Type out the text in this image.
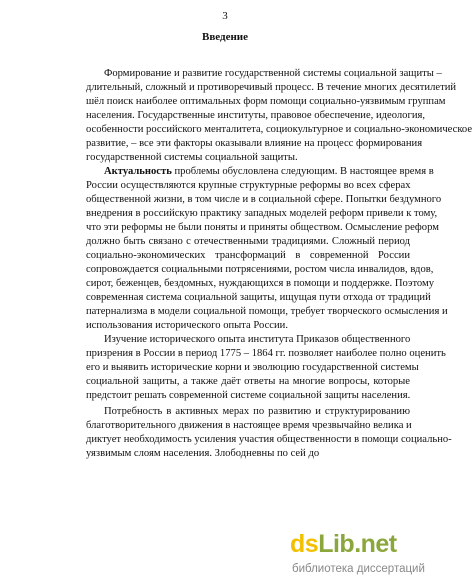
3
Введение
Формирование и развитие государственной системы социальной защиты –
длительный, сложный и противоречивый процесс. В течение многих десятилетий
шёл поиск наиболее оптимальных форм помощи социально-уязвимым группам
населения. Государственные институты, правовое обеспечение, идеология,
особенности российского менталитета, социокультурное и социально-экономическое
развитие, – все эти факторы оказывали влияние на процесс формирования
государственной системы социальной защиты.
Актуальность проблемы обусловлена следующим. В настоящее время в
России осуществляются крупные структурные реформы во всех сферах
общественной жизни, в том числе и в социальной сфере. Попытки бездумного
внедрения в российскую практику западных моделей реформ привели к тому,
что эти реформы не были поняты и приняты обществом. Осмысление реформ
должно быть связано с отечественными традициями. Сложный период
социально-экономических трансформаций в современной России
сопровождается социальными потрясениями, ростом числа инвалидов, вдов,
сирот, беженцев, бездомных, нуждающихся в помощи и поддержке. Поэтому
современная система социальной защиты, ищущая пути отхода от традиций
патернализма в модели социальной помощи, требует творческого осмысления и
использования исторического опыта России.
Изучение исторического опыта института Приказов общественного
призрения в России в период 1775 – 1864 гг. позволяет наиболее полно оценить
его и выявить исторические корни и эволюцию государственной системы
социальной защиты, а также даёт ответы на многие вопросы, которые
предстоит решать современной системе социальной защиты населения.
Потребность в активных мерах по развитию и структурированию
благотворительного движения в настоящее время чрезвычайно велика и
диктует необходимость усиления участия общественности в помощи социально-
уязвимым слоям населения. Злободневны по сей до
dsLib.net
библиотека диссертаций
